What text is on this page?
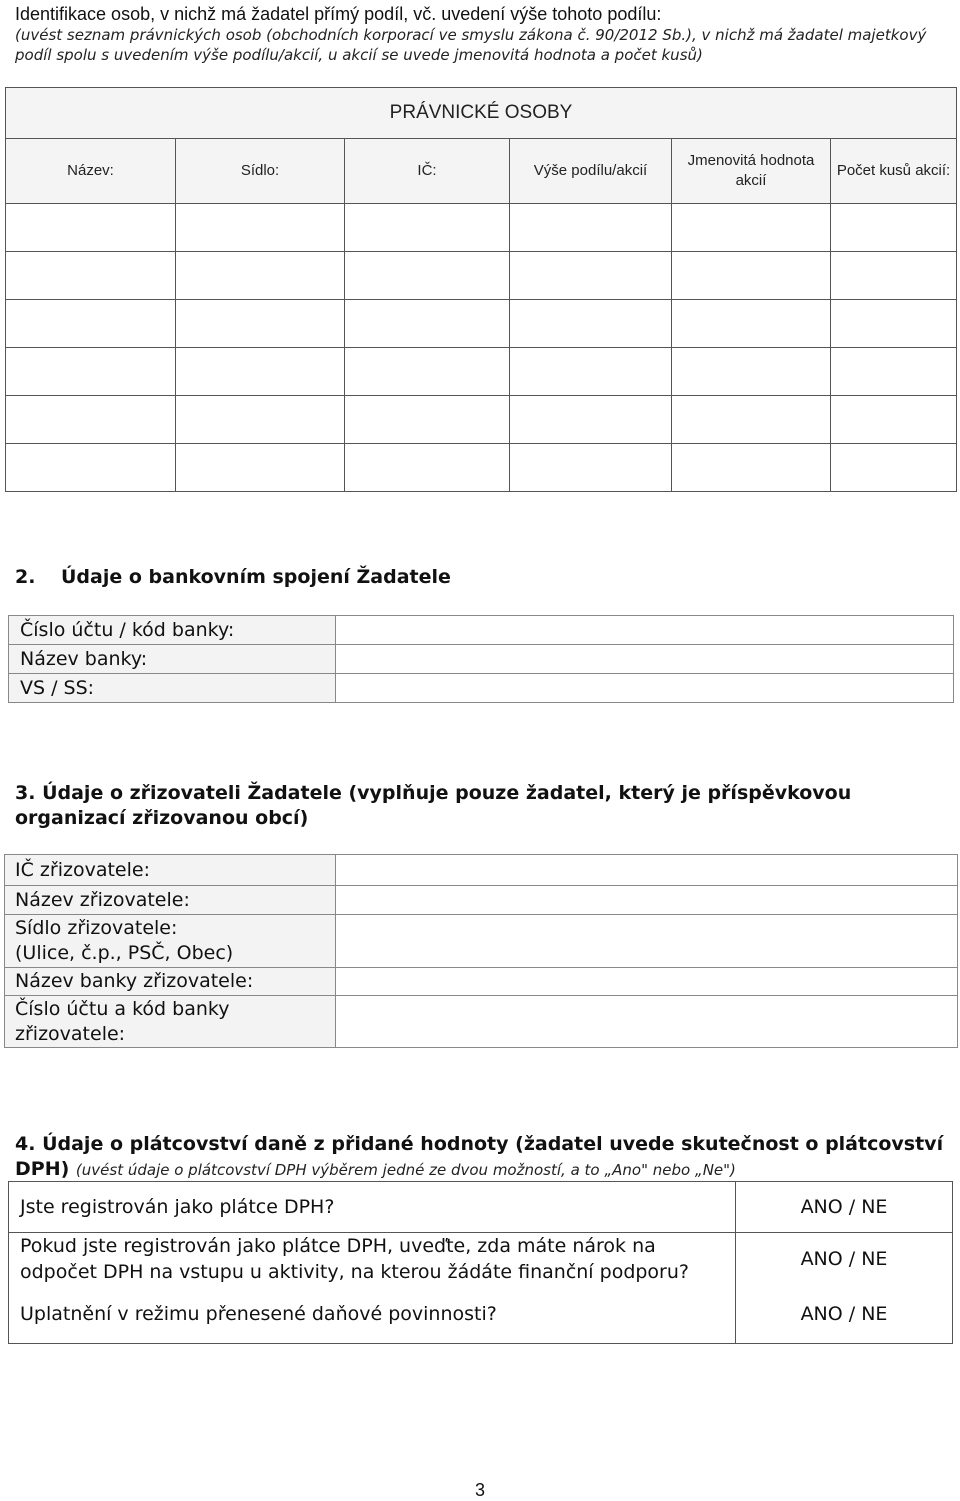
Identifikace osob, v nichž má žadatel přímý podíl, vč. uvedení výše tohoto podílu:
(uvést seznam právnických osob (obchodních korporací ve smyslu zákona č. 90/2012 Sb.), v nichž má žadatel majetkový podíl spolu s uvedením výše podílu/akcií, u akcií se uvede jmenovitá hodnota a počet kusů)
PRÁVNICKÉ OSOBY					
Název:	Sídlo:	IČ:	Výše podílu/akcií	Jmenovitá hodnota akcií	Počet kusů akcií:

2. Údaje o bankovním spojení Žadatele
Číslo účtu / kód banky:	
Název banky:	
VS / SS:	
3. Údaje o zřizovateli Žadatele (vyplňuje pouze žadatel, který je příspěvkovou organizací zřizovanou obcí)
IČ zřizovatele:	
Název zřizovatele:	

Sídlo zřizovatele:
(Ulice, č.p., PSČ, Obec)	

Název banky zřizovatele:	

Číslo účtu a kód banky
zřizovatele:	

4. Údaje o plátcovství daně z přidané hodnoty (žadatel uvede skutečnost o plátcovství DPH) (uvést údaje o plátcovství DPH výběrem jedné ze dvou možností, a to „Ano" nebo „Ne")
Jste registrován jako plátce DPH?	ANO / NE
Pokud jste registrován jako plátce DPH, uveďte, zda máte nárok na odpočet DPH na vstupu u aktivity, na kterou žádáte finanční podporu?	ANO / NE
Uplatnění v režimu přenesené daňové povinnosti?	ANO / NE
3
